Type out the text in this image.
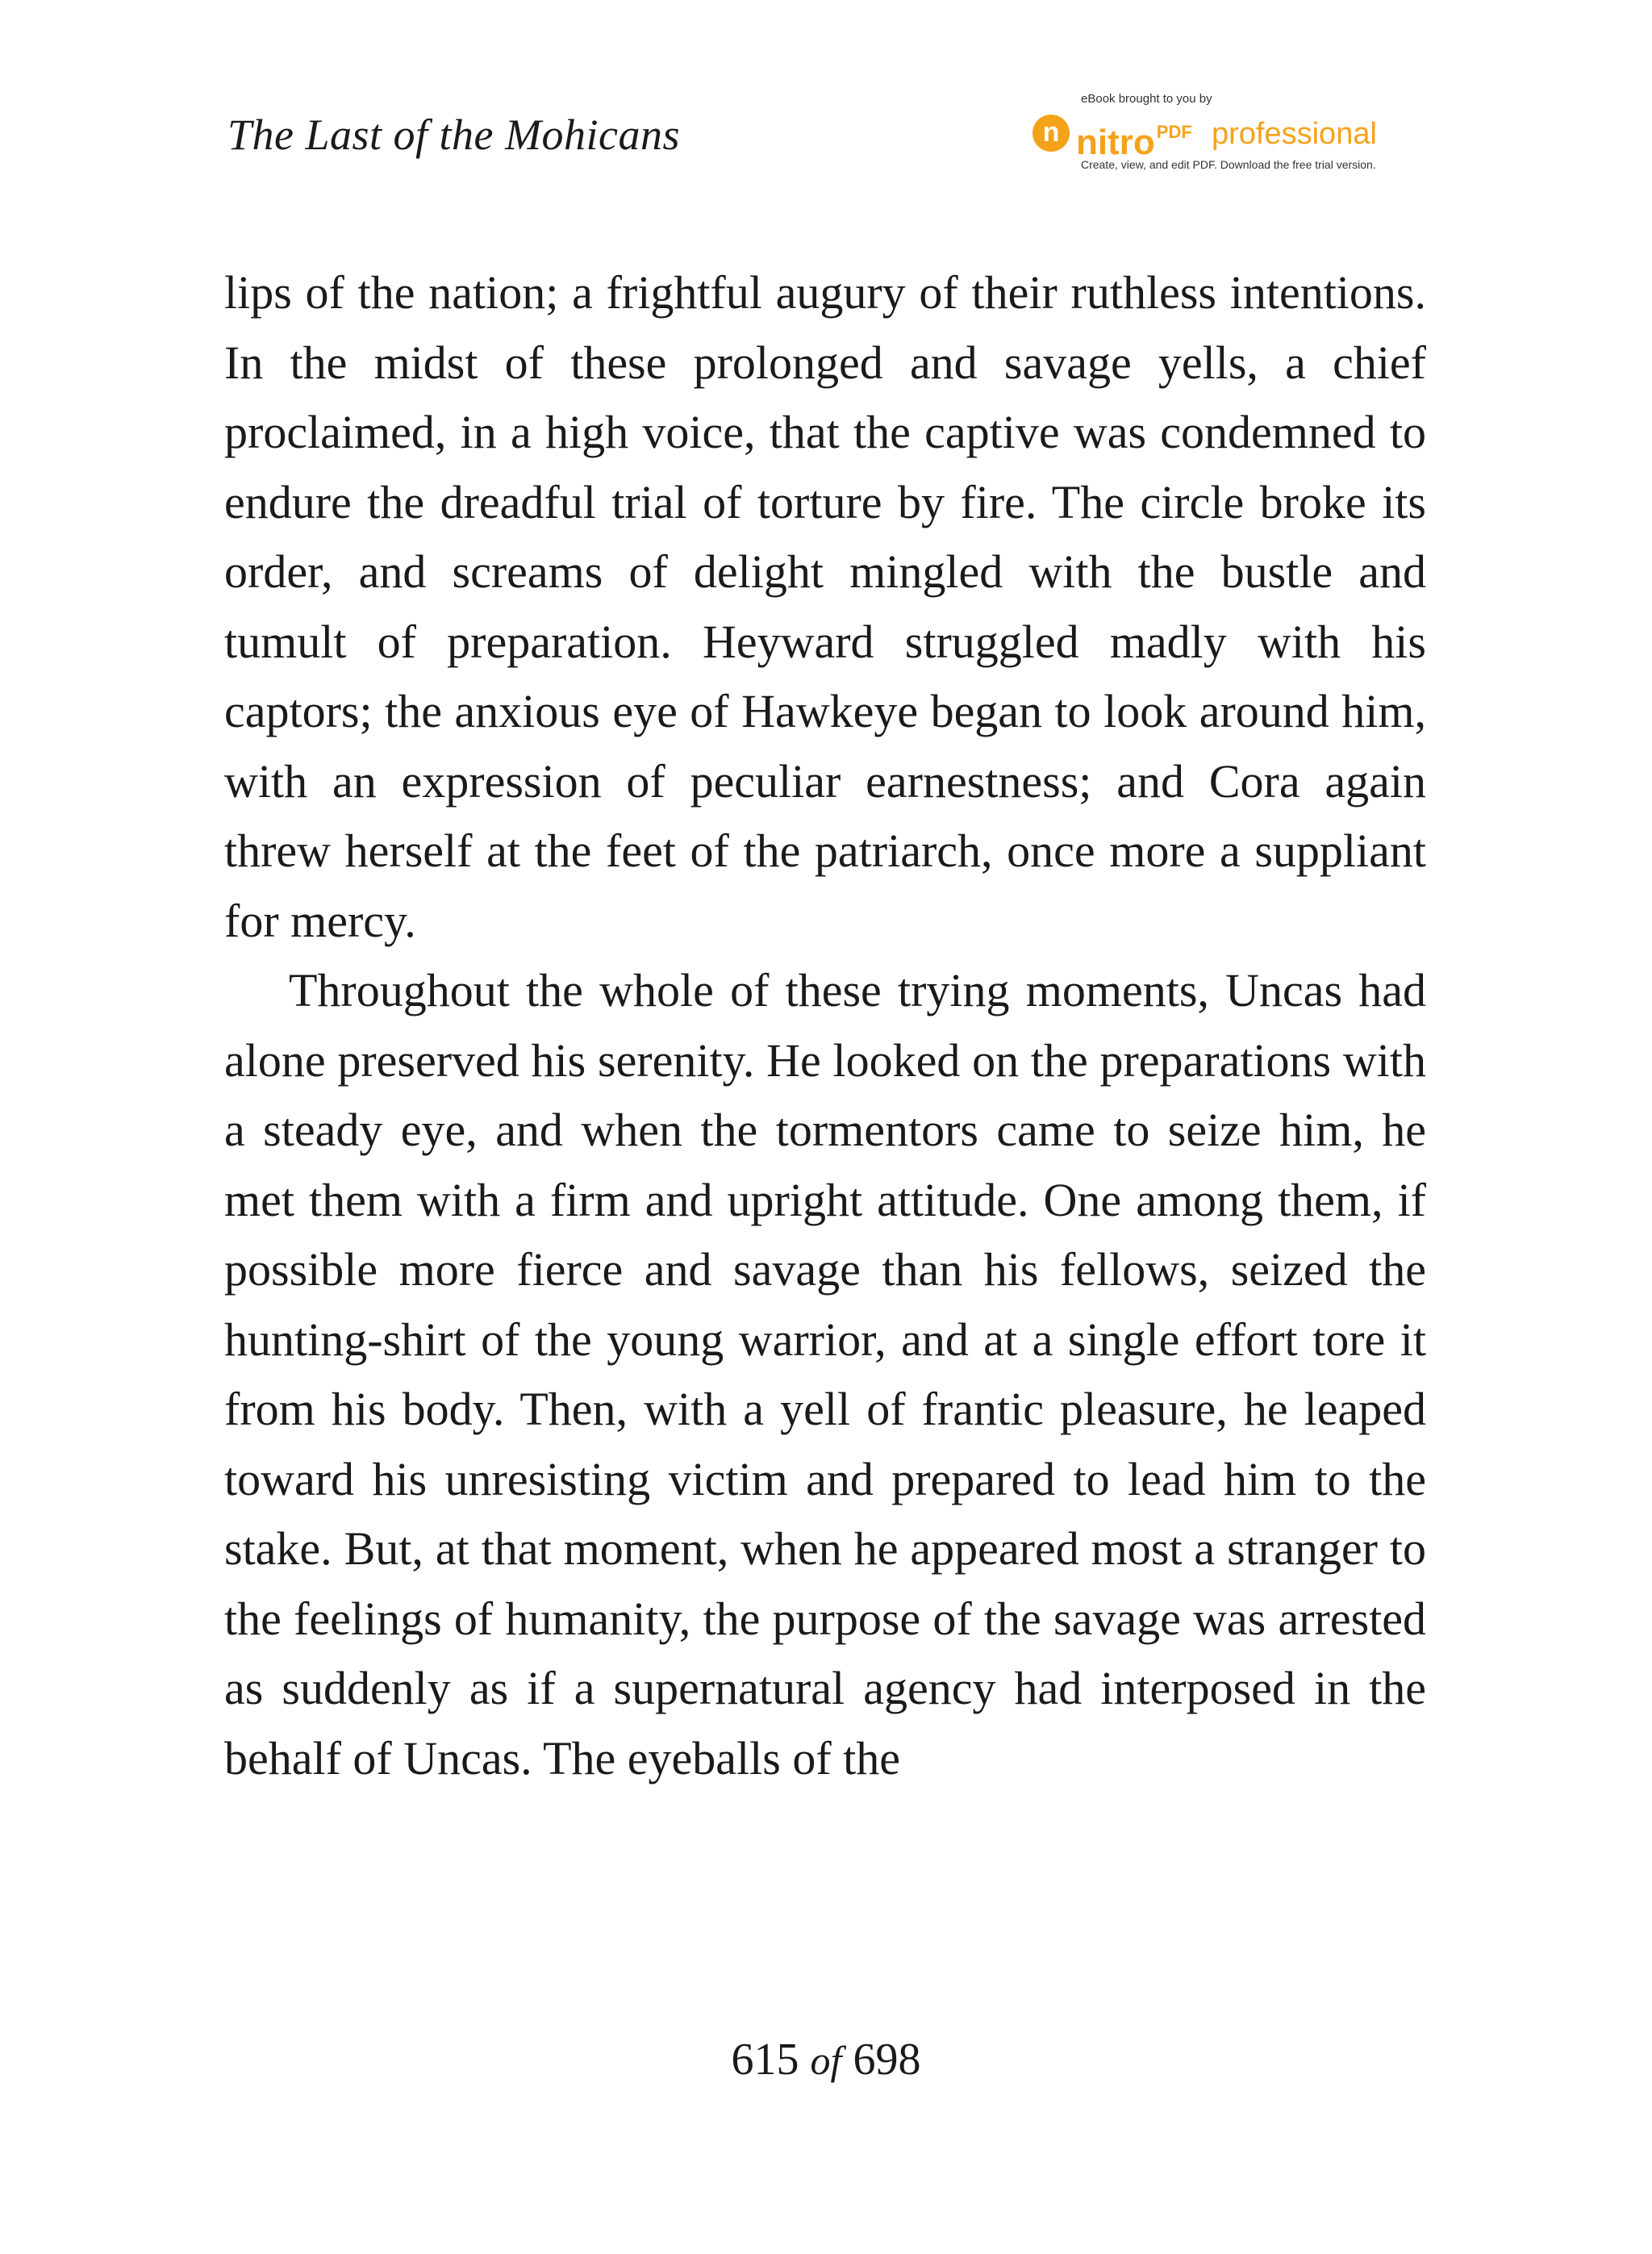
The Last of the Mohicans
eBook brought to you by
n nitro$^{PDF}$ professional
Create, view, and edit PDF. Download the free trial version.

lips of the nation; a frightful augury of their ruthless intentions. In the midst of these prolonged and savage yells, a chief proclaimed, in a high voice, that the captive was condemned to endure the dreadful trial of torture by fire. The circle broke its order, and screams of delight mingled with the bustle and tumult of preparation. Heyward struggled madly with his captors; the anxious eye of Hawkeye began to look around him, with an expression of peculiar earnestness; and Cora again threw herself at the feet of the patriarch, once more a suppliant for mercy.

Throughout the whole of these trying moments, Uncas had alone preserved his serenity. He looked on the preparations with a steady eye, and when the tormentors came to seize him, he met them with a firm and upright attitude. One among them, if possible more fierce and savage than his fellows, seized the hunting-shirt of the young warrior, and at a single effort tore it from his body. Then, with a yell of frantic pleasure, he leaped toward his unresisting victim and prepared to lead him to the stake. But, at that moment, when he appeared most a stranger to the feelings of humanity, the purpose of the savage was arrested as suddenly as if a supernatural agency had interposed in the behalf of Uncas. The eyeballs of the

615 of 698
